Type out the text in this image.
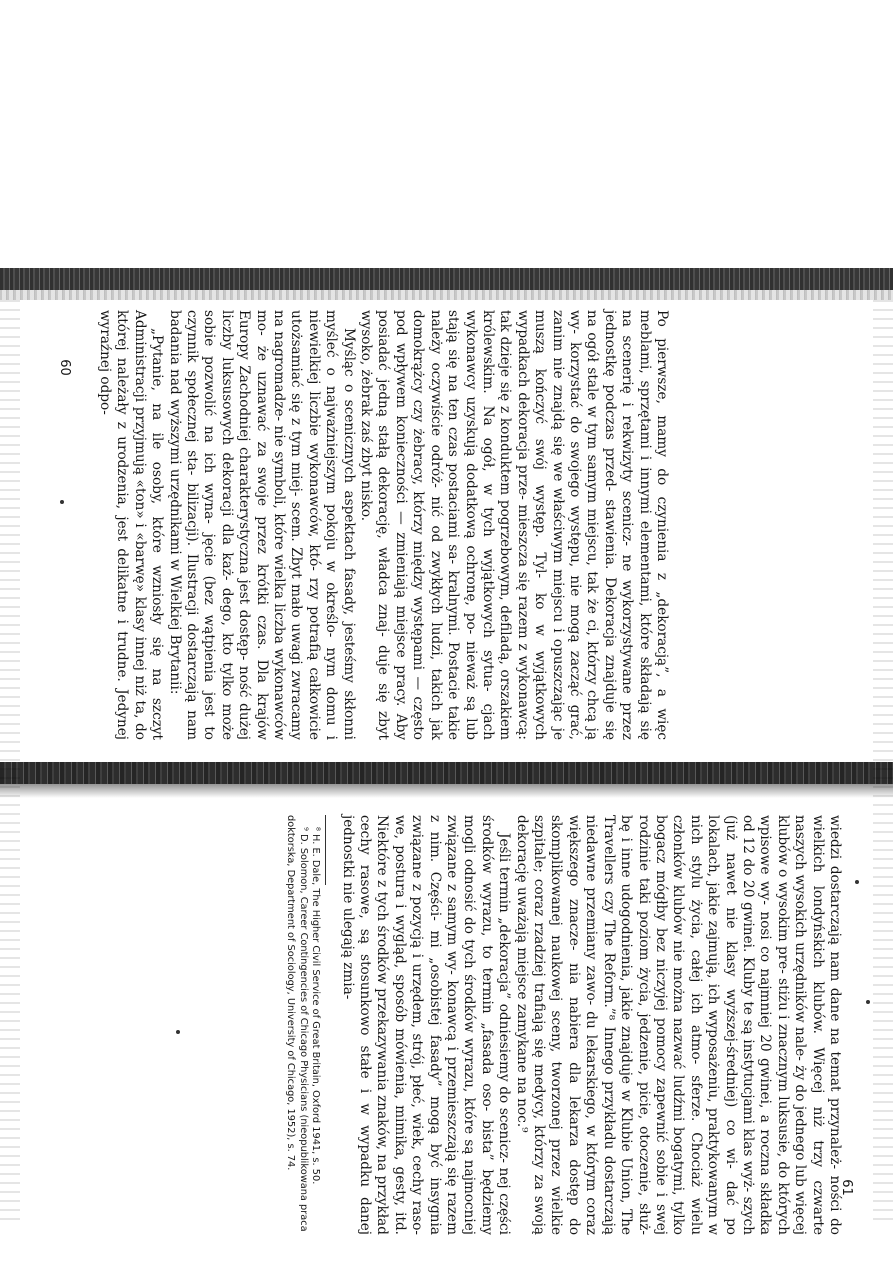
Po pierwsze, mamy do czynienia z „dekoracją”, a więc meblami, sprzętami i innymi elementami, które składają się na scenerię i rekwizyty scenicz- ne wykorzystywane przez jednostkę podczas przed- stawienia. Dekoracja znajduje się na ogół stale w tym samym miejscu, tak że ci, którzy chcą ją wy- korzystać do swojego występu, nie mogą zacząć grać, zanim nie znajdą się we właściwym miejscu i opuszczając je muszą kończyć swój występ. Tyl- ko w wyjątkowych wypadkach dekoracja prze- mieszcza się razem z wykonawcą: tak dzieje się z konduktem pogrzebowym, defiladą, orszakiem królewskim. Na ogół, w tych wyjątkowych sytua- cjach wykonawcy uzyskują dodatkową ochronę, po- nieważ są lub stają się na ten czas postaciami sa- kralnymi. Postacie takie należy oczywiście odróż- nić od zwykłych ludzi, takich jak domokrążcy czy żebracy, którzy między występami — często pod wpływem konieczności — zmieniają miejsce pracy. Aby posiadać jedną stałą dekorację, władca znaj- duje się zbyt wysoko, żebrak zaś zbyt nisko.

Myśląc o scenicznych aspektach fasady, jesteśmy skłonni myśleć o najważniejszym pokoju w określo- nym domu i niewielkiej liczbie wykonawców, któ- rzy potrafią całkowicie utożsamiać się z tym miej- scem. Zbyt mało uwagi zwracamy na nagromadze- nie symboli, które wielka liczba wykonawców mo- że uznawać za swoje przez krótki czas. Dla krajów Europy Zachodniej charakterystyczna jest dostęp- ność dużej liczby luksusowych dekoracji dla każ- dego, kto tylko może sobie pozwolić na ich wyna- jęcie (bez wątpienia jest to czynnik społecznej sta- bilizacji). Ilustracji dostarczają nam badania nad wyższymi urzędnikami w Wielkiej Brytanii:

„Pytanie, na ile osoby, które wzniosły się na szczyt Administracji przyjmują «ton» i «barwę» klasy innej niż ta, do której należały z urodzenia, jest delikatne i trudne. Jedynej wyraźnej odpo-

60

wiedzi dostarczają nam dane na temat przynależ- ności do wielkich londyńskich klubów. Więcej niż trzy czwarte naszych wysokich urzędników nale- ży do jednego lub więcej klubów o wysokim pre- stiżu i znacznym luksusie, do których wpisowe wy- nosi co najmniej 20 gwinei, a roczna składka od 12 do 20 gwinei. Kluby te są instytucjami klas wyż- szych (już nawet nie klasy wyższej-średniej) co wi- dać po lokalach, jakie zajmują, ich wyposażeniu, praktykowanym w nich stylu życia, całej ich atmo- sferze. Chociaż wielu członków klubów nie można nazwać ludźmi bogatymi, tylko bogacz mógłby bez niczyjej pomocy zapewnić sobie i swej rodzinie taki poziom życia, jedzenie, picie, otoczenie, służ- bę i inne udogodnienia, jakie znajduje w Klubie Union, The Travellers czy The Reform.”⁸ Innego przykładu dostarczają niedawne przemiany zawo- du lekarskiego, w którym coraz większego znacze- nia nabiera dla lekarza dostęp do skomplikowanej naukowej sceny, tworzonej przez wielkie szpitale; coraz rzadziej trafiają się medycy, którzy za swoją dekorację uważają miejsce zamykane na noc.⁹

Jeśli termin „dekoracja” odniesiemy do scenicz- nej części środków wyrazu, to termin „fasada oso- bista” będziemy mogli odnosić do tych środków wyrazu, które są najmocniej związane z samym wy- konawcą i przemieszczają się razem z nim. Części- mi „osobistej fasady” mogą być insygnia związane z pozycją i urzędem, strój, płeć, wiek, cechy raso- we, postura i wygląd, sposób mówienia, mimika, gesty, itd. Niektóre z tych środków przekazywania znaków, na przykład cechy rasowe, są stosunkowo stałe i w wypadku danej jednostki nie ulegają zmia-

⁸ H. E. Dale, The Higher Civil Service of Great Britain, Oxford 1941, s. 50.

⁹ D. Solomon, Career Contingencies of Chicago Physicians (nieopublikowana praca doktorska, Department of Sociology, University of Chicago, 1952), s. 74.

61
